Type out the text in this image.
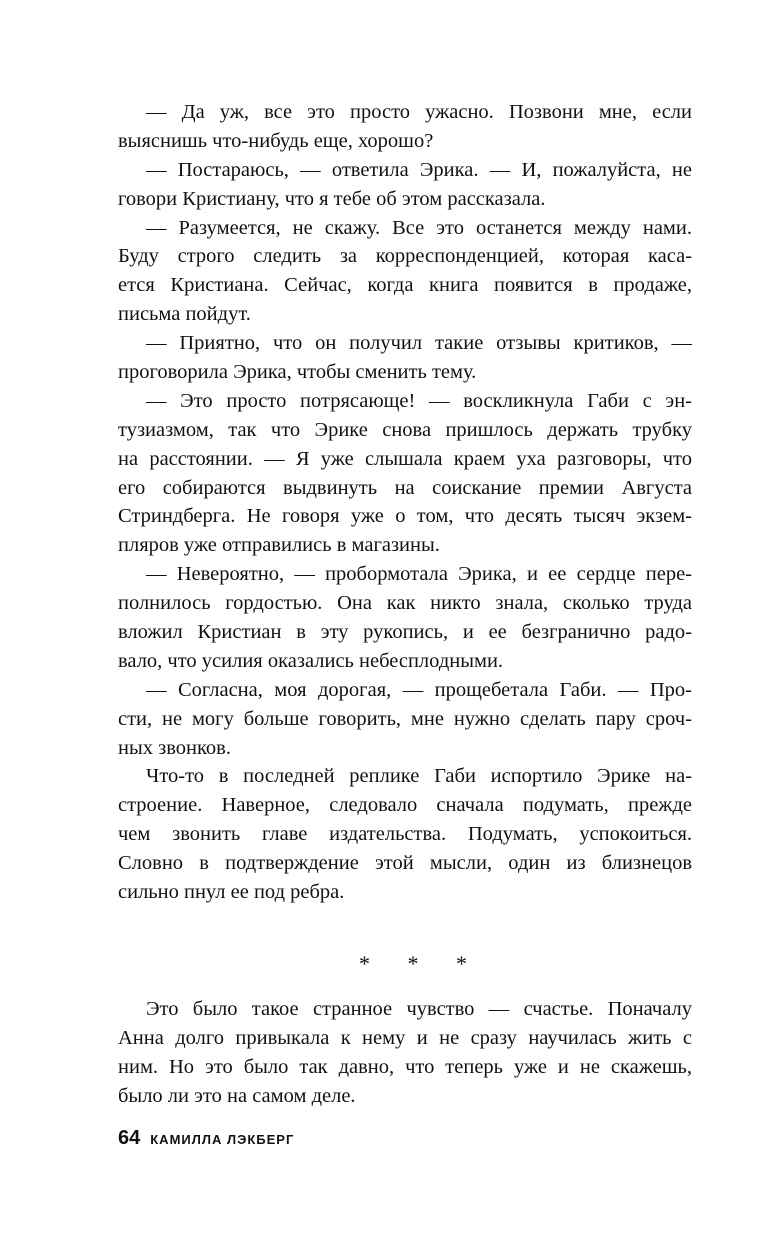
— Да уж, все это просто ужасно. Позвони мне, если
выяснишь что-нибудь еще, хорошо?
— Постараюсь, — ответила Эрика. — И, пожалуйста, не
говори Кристиану, что я тебе об этом рассказала.
— Разумеется, не скажу. Все это останется между нами.
Буду строго следить за корреспонденцией, которая каса-
ется Кристиана. Сейчас, когда книга появится в продаже,
письма пойдут.
— Приятно, что он получил такие отзывы критиков, —
проговорила Эрика, чтобы сменить тему.
— Это просто потрясающе! — воскликнула Габи с эн-
тузиазмом, так что Эрике снова пришлось держать трубку
на расстоянии. — Я уже слышала краем уха разговоры, что
его собираются выдвинуть на соискание премии Августа
Стриндберга. Не говоря уже о том, что десять тысяч экзем-
пляров уже отправились в магазины.
— Невероятно, — пробормотала Эрика, и ее сердце пере-
полнилось гордостью. Она как никто знала, сколько труда
вложил Кристиан в эту рукопись, и ее безгранично радо-
вало, что усилия оказались небесплодными.
— Согласна, моя дорогая, — прощебетала Габи. — Про-
сти, не могу больше говорить, мне нужно сделать пару сроч-
ных звонков.
Что-то в последней реплике Габи испортило Эрике на-
строение. Наверное, следовало сначала подумать, прежде
чем звонить главе издательства. Подумать, успокоиться.
Словно в подтверждение этой мысли, один из близнецов
сильно пнул ее под ребра.
* * *
Это было такое странное чувство — счастье. Поначалу
Анна долго привыкала к нему и не сразу научилась жить с
ним. Но это было так давно, что теперь уже и не скажешь,
было ли это на самом деле.
64 КАМИЛЛА ЛЭКБЕРГ
